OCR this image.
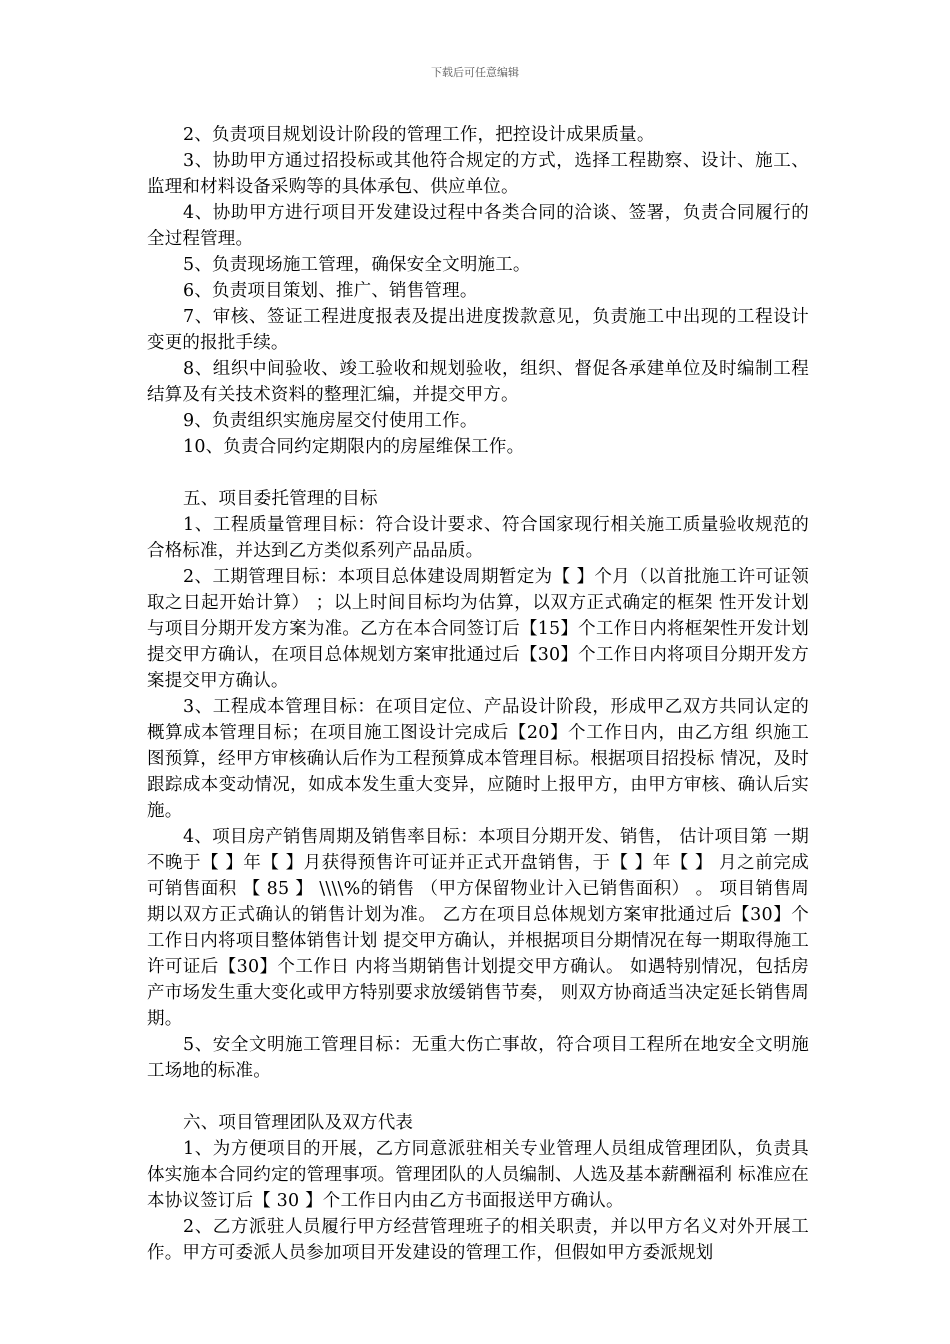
下载后可任意编辑

2、负责项目规划设计阶段的管理工作，把控设计成果质量。

3、协助甲方通过招投标或其他符合规定的方式，选择工程勘察、设计、施工、监理和材料设备采购等的具体承包、供应单位。

4、协助甲方进行项目开发建设过程中各类合同的洽谈、签署，负责合同履行的全过程管理。

5、负责现场施工管理，确保安全文明施工。

6、负责项目策划、推广、销售管理。

7、审核、签证工程进度报表及提出进度拨款意见，负责施工中出现的工程设计变更的报批手续。

8、组织中间验收、竣工验收和规划验收，组织、督促各承建单位及时编制工程结算及有关技术资料的整理汇编，并提交甲方。

9、负责组织实施房屋交付使用工作。

10、负责合同约定期限内的房屋维保工作。

五、项目委托管理的目标

1、工程质量管理目标：符合设计要求、符合国家现行相关施工质量验收规范的合格标准，并达到乙方类似系列产品品质。

2、工期管理目标：本项目总体建设周期暂定为【 】个月（以首批施工许可证领取之日起开始计算） ；以上时间目标均为估算，以双方正式确定的框架 性开发计划与项目分期开发方案为准。乙方在本合同签订后【15】个工作日内将框架性开发计划提交甲方确认，在项目总体规划方案审批通过后【30】个工作日内将项目分期开发方案提交甲方确认。

3、工程成本管理目标：在项目定位、产品设计阶段，形成甲乙双方共同认定的概算成本管理目标；在项目施工图设计完成后【20】个工作日内，由乙方组 织施工图预算，经甲方审核确认后作为工程预算成本管理目标。根据项目招投标 情况，及时跟踪成本变动情况，如成本发生重大变异，应随时上报甲方，由甲方审核、确认后实施。

4、项目房产销售周期及销售率目标：本项目分期开发、销售， 估计项目第 一期不晚于【 】年【 】月获得预售许可证并正式开盘销售，于【 】年【 】 月之前完成可销售面积 【 85 】 \\\\%的销售 （甲方保留物业计入已销售面积） 。 项目销售周期以双方正式确认的销售计划为准。 乙方在项目总体规划方案审批通过后【30】个工作日内将项目整体销售计划 提交甲方确认，并根据项目分期情况在每一期取得施工许可证后【30】个工作日 内将当期销售计划提交甲方确认。 如遇特别情况，包括房产市场发生重大变化或甲方特别要求放缓销售节奏， 则双方协商适当决定延长销售周期。

5、安全文明施工管理目标：无重大伤亡事故，符合项目工程所在地安全文明施工场地的标准。

六、项目管理团队及双方代表

1、为方便项目的开展，乙方同意派驻相关专业管理人员组成管理团队，负责具体实施本合同约定的管理事项。管理团队的人员编制、人选及基本薪酬福利 标准应在本协议签订后【 30 】个工作日内由乙方书面报送甲方确认。

2、乙方派驻人员履行甲方经营管理班子的相关职责，并以甲方名义对外开展工作。甲方可委派人员参加项目开发建设的管理工作，但假如甲方委派规划
